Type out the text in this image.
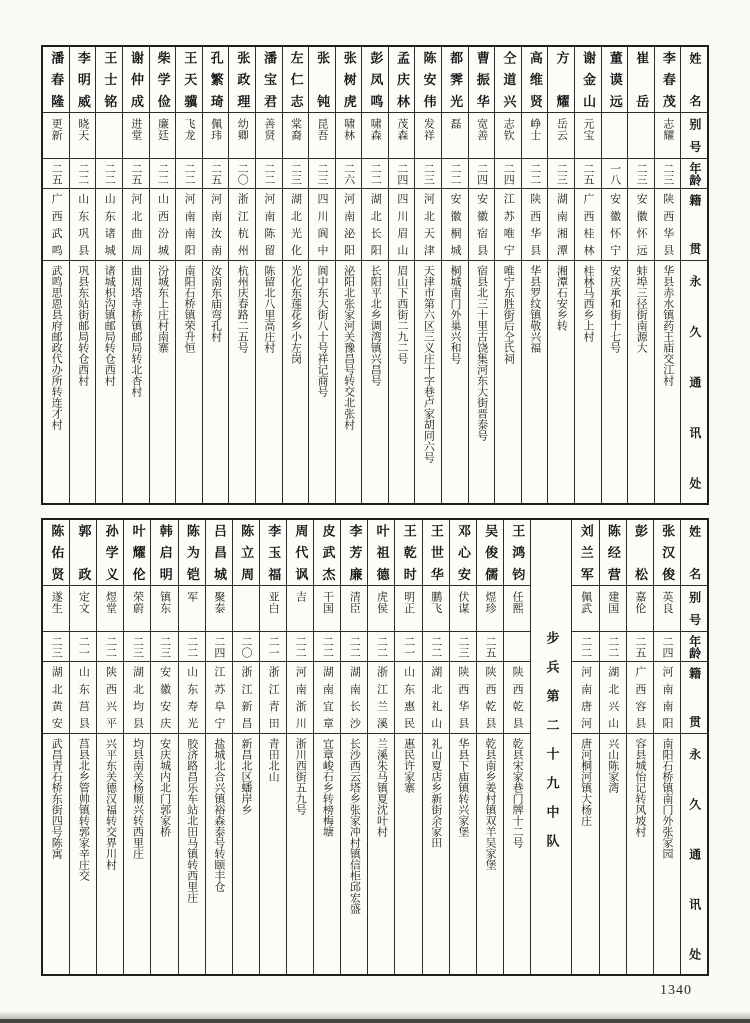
姓名
别号
年龄
籍贯
永久通讯处
李春茂
志耀
二三
陕西华县
华县赤水镇药王庙交江村
崔岳
二三
安徽怀远
蚌埠三径街南源大
董谟远
一八
安徽怀宁
安庆承和街十七号
谢金山
元宝
二五
广西桂林
桂林马西乡上村
方耀
岳云
二三
湖南湘潭
湘潭石安乡转
高维贤
峥士
二二
陕西华县
华县罗纹镇敬兴福
仝道兴
志钦
二四
江苏唯宁
唯宁东胜街后仝氏祠
曹振华
宽善
二四
安徽宿县
宿县北三十里古饶集河东大街晋泰号
都霁光
磊
二二
安徽桐城
桐城南门外巢兴和号
陈安伟
发祥
二三
河北天津
天津市第六区三义庄十字巷卢家胡同六号
孟庆林
茂森
二四
四川眉山
眉山下西街二九二号
彭凤鸣
啸森
二二
湖北长阳
长阳平北乡调湾镇兴昌号
张树虎
啸林
二六
河南泌阳
泌阳北张家河关豫昌号转交北张村
张钝
昆吾
二三
四川阆中
阆中东大街八十号祥记商号
左仁志
棠裔
二三
湖北光化
光化东莲花乡小左岗
潘宝君
善贤
二二
河南陈留
陈留北八里高庄村
张政理
幼卿
二〇
浙江杭州
杭州庆春路二五号
孔繁琦
佩玮
二五
河南汝南
汝南东庙弯孔村
王天骥
飞龙
二二
河南南阳
南阳石桥镇荣升恒
柴学俭
廉廷
二二
山西汾城
汾城东上庄村南寨
谢仲成
进堂
二五
河北曲周
曲周塔寺桥镇邮局转北杏村
王士铭
二二
山东诸城
诸城枳沟镇邮局转仓西村
李明威
晓天
二二
山东巩县
巩县东站街邮局转仓西村
潘春隆
更新
二五
广西武鸣
武鸣思恩县府邮政代办所转连才村
姓名
别号
年龄
籍贯
永久通讯处
张汉俊
英良
二四
河南南阳
南阳石桥镇南门外张家园
彭松
嘉伦
二五
广西容县
容县城怡记转风坡村
陈经营
建国
二二
湖北兴山
兴山陈家湾
刘兰军
佩武
二二
河南唐河
唐河桐河镇大杨庄
步兵第二十九中队
王鸿钧
任熙
陕西乾县
乾县宋家巷门牌十二号
吴俊儒
煜珍
二五
陕西乾县
乾县南乡姜村镇双羊吴家堡
邓心安
伏谋
二三
陕西华县
华县下庙镇转兴家堡
王世华
鹏飞
二二
湖北礼山
礼山夏店乡新街余家田
王乾时
明正
二一
山东惠民
惠民许家寨
叶祖德
虎侯
二二
浙江兰溪
兰溪朱马镇夏沈叶村
李芳廉
清臣
二二
湖南长沙
长沙西云塔乡张家冲村镇信柜邱宏盛
皮武杰
干国
二二
湖南宜章
宜章峻石乡转榜梅塘
周代讽
吉
二二
河南浙川
浙川西街五九号
李玉福
亚白
二一
浙江青田
青田北山
陈立周
二〇
浙江新昌
新昌北区蟠岸乡
吕昌城
聚泰
二四
江苏阜宁
盐城北合兴镇裕森泰号转颐丰仓
陈为铠
军
二二
山东寿光
胶济路昌乐车站北田马镇转西里庄
韩启明
镇东
二三
安徽安庆
安庆城内北门郭家桥
叶耀伦
荣蔚
二三
湖北均县
均县南关杨顺兴转西里庄
孙学义
煜堂
二二
陕西兴平
兴平东关德汉福转交界川村
郭政
定文
二一
山东莒县
莒县北乡管帅镇转郭家辛庄交
陈佑贤
遂生
二三
湖北黄安
武昌青石桥东街四号陈寓
1340
